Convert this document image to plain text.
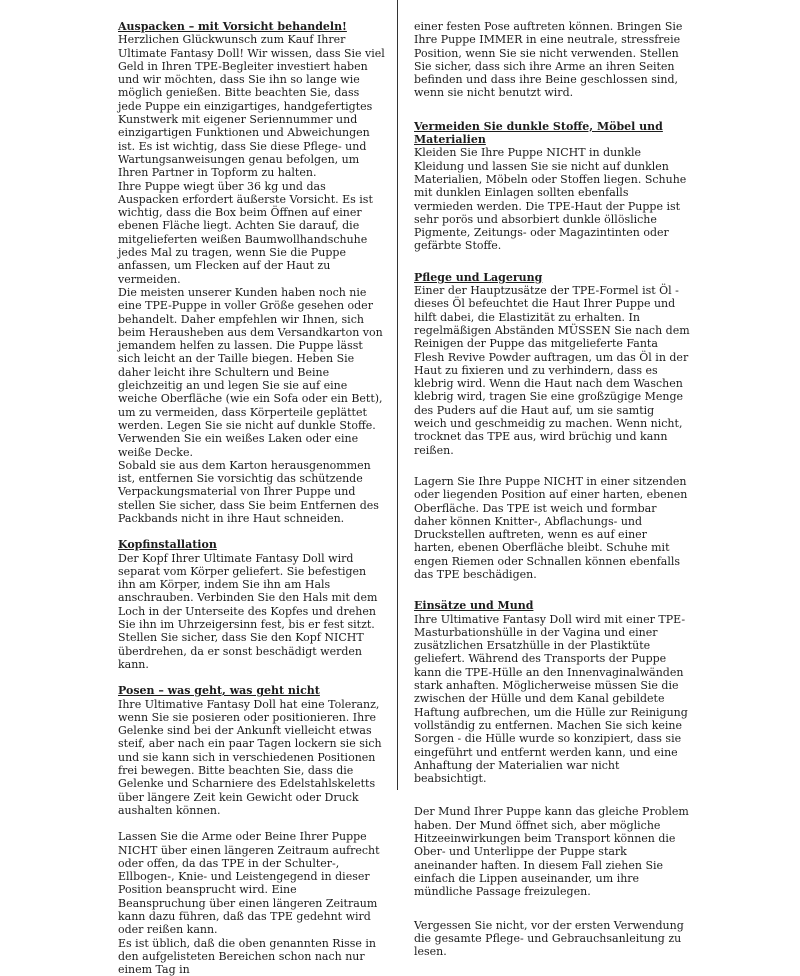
Auspacken – mit Vorsicht behandeln!

Herzlichen Glückwunsch zum Kauf Ihrer Ultimate Fantasy Doll! Wir wissen, dass Sie viel Geld in Ihren TPE-Begleiter investiert haben und wir möchten, dass Sie ihn so lange wie möglich genießen. Bitte beachten Sie, dass jede Puppe ein einzigartiges, handgefertigtes Kunstwerk mit eigener Seriennummer und einzigartigen Funktionen und Abweichungen ist. Es ist wichtig, dass Sie diese Pflege- und Wartungsanweisungen genau befolgen, um Ihren Partner in Topform zu halten.

Ihre Puppe wiegt über 36 kg und das Auspacken erfordert äußerste Vorsicht. Es ist wichtig, dass die Box beim Öffnen auf einer ebenen Fläche liegt. Achten Sie darauf, die mitgelieferten weißen Baumwollhandschuhe jedes Mal zu tragen, wenn Sie die Puppe anfassen, um Flecken auf der Haut zu vermeiden.

Die meisten unserer Kunden haben noch nie eine TPE-Puppe in voller Größe gesehen oder behandelt. Daher empfehlen wir Ihnen, sich beim Herausheben aus dem Versandkarton von jemandem helfen zu lassen. Die Puppe lässt sich leicht an der Taille biegen. Heben Sie daher leicht ihre Schultern und Beine gleichzeitig an und legen Sie sie auf eine weiche Oberfläche (wie ein Sofa oder ein Bett), um zu vermeiden, dass Körperteile geplättet werden. Legen Sie sie nicht auf dunkle Stoffe. Verwenden Sie ein weißes Laken oder eine weiße Decke.

Sobald sie aus dem Karton herausgenommen ist, entfernen Sie vorsichtig das schützende Verpackungsmaterial von Ihrer Puppe und stellen Sie sicher, dass Sie beim Entfernen des Packbands nicht in ihre Haut schneiden.

Kopfinstallation

Der Kopf Ihrer Ultimate Fantasy Doll wird separat vom Körper geliefert. Sie befestigen ihn am Körper, indem Sie ihn am Hals anschrauben. Verbinden Sie den Hals mit dem Loch in der Unterseite des Kopfes und drehen Sie ihn im Uhrzeigersinn fest, bis er fest sitzt. Stellen Sie sicher, dass Sie den Kopf NICHT überdrehen, da er sonst beschädigt werden kann.

Posen – was geht, was geht nicht

Ihre Ultimative Fantasy Doll hat eine Toleranz, wenn Sie sie posieren oder positionieren. Ihre Gelenke sind bei der Ankunft vielleicht etwas steif, aber nach ein paar Tagen lockern sie sich und sie kann sich in verschiedenen Positionen frei bewegen. Bitte beachten Sie, dass die Gelenke und Scharniere des Edelstahlskeletts über längere Zeit kein Gewicht oder Druck aushalten können.

Lassen Sie die Arme oder Beine Ihrer Puppe NICHT über einen längeren Zeitraum aufrecht oder offen, da das TPE in der Schulter-, Ellbogen-, Knie- und Leistengegend in dieser Position beansprucht wird. Eine Beanspruchung über einen längeren Zeitraum kann dazu führen, daß das TPE gedehnt wird oder reißen kann.

Es ist üblich, daß die oben genannten Risse in den aufgelisteten Bereichen schon nach nur einem Tag in

einer festen Pose auftreten können. Bringen Sie Ihre Puppe IMMER in eine neutrale, stressfreie Position, wenn Sie sie nicht verwenden. Stellen Sie sicher, dass sich ihre Arme an ihren Seiten befinden und dass ihre Beine geschlossen sind, wenn sie nicht benutzt wird.

Vermeiden Sie dunkle Stoffe, Möbel und Materialien

Kleiden Sie Ihre Puppe NICHT in dunkle Kleidung und lassen Sie sie nicht auf dunklen Materialien, Möbeln oder Stoffen liegen. Schuhe mit dunklen Einlagen sollten ebenfalls vermieden werden. Die TPE-Haut der Puppe ist sehr porös und absorbiert dunkle öllösliche Pigmente, Zeitungs- oder Magazintinten oder gefärbte Stoffe.

Pflege und Lagerung

Einer der Hauptzusätze der TPE-Formel ist Öl - dieses Öl befeuchtet die Haut Ihrer Puppe und hilft dabei, die Elastizität zu erhalten. In regelmäßigen Abständen MÜSSEN Sie nach dem Reinigen der Puppe das mitgelieferte Fanta Flesh Revive Powder auftragen, um das Öl in der Haut zu fixieren und zu verhindern, dass es klebrig wird. Wenn die Haut nach dem Waschen klebrig wird, tragen Sie eine großzügige Menge des Puders auf die Haut auf, um sie samtig weich und geschmeidig zu machen. Wenn nicht, trocknet das TPE aus, wird brüchig und kann reißen.

Lagern Sie Ihre Puppe NICHT in einer sitzenden oder liegenden Position auf einer harten, ebenen Oberfläche. Das TPE ist weich und formbar daher können Knitter-, Abflachungs- und Druckstellen auftreten, wenn es auf einer harten, ebenen Oberfläche bleibt. Schuhe mit engen Riemen oder Schnallen können ebenfalls das TPE beschädigen.

Einsätze und Mund

Ihre Ultimative Fantasy Doll wird mit einer TPE-Masturbationshülle in der Vagina und einer zusätzlichen Ersatzhülle in der Plastiktüte geliefert. Während des Transports der Puppe kann die TPE-Hülle an den Innenvaginalwänden stark anhaften. Möglicherweise müssen Sie die zwischen der Hülle und dem Kanal gebildete Haftung aufbrechen, um die Hülle zur Reinigung vollständig zu entfernen. Machen Sie sich keine Sorgen - die Hülle wurde so konzipiert, dass sie eingeführt und entfernt werden kann, und eine Anhaftung der Materialien war nicht beabsichtigt.

Der Mund Ihrer Puppe kann das gleiche Problem haben. Der Mund öffnet sich, aber mögliche Hitzeeinwirkungen beim Transport können die Ober- und Unterlippe der Puppe stark aneinander haften. In diesem Fall ziehen Sie einfach die Lippen auseinander, um ihre mündliche Passage freizulegen.

Vergessen Sie nicht, vor der ersten Verwendung die gesamte Pflege- und Gebrauchsanleitung zu lesen.
